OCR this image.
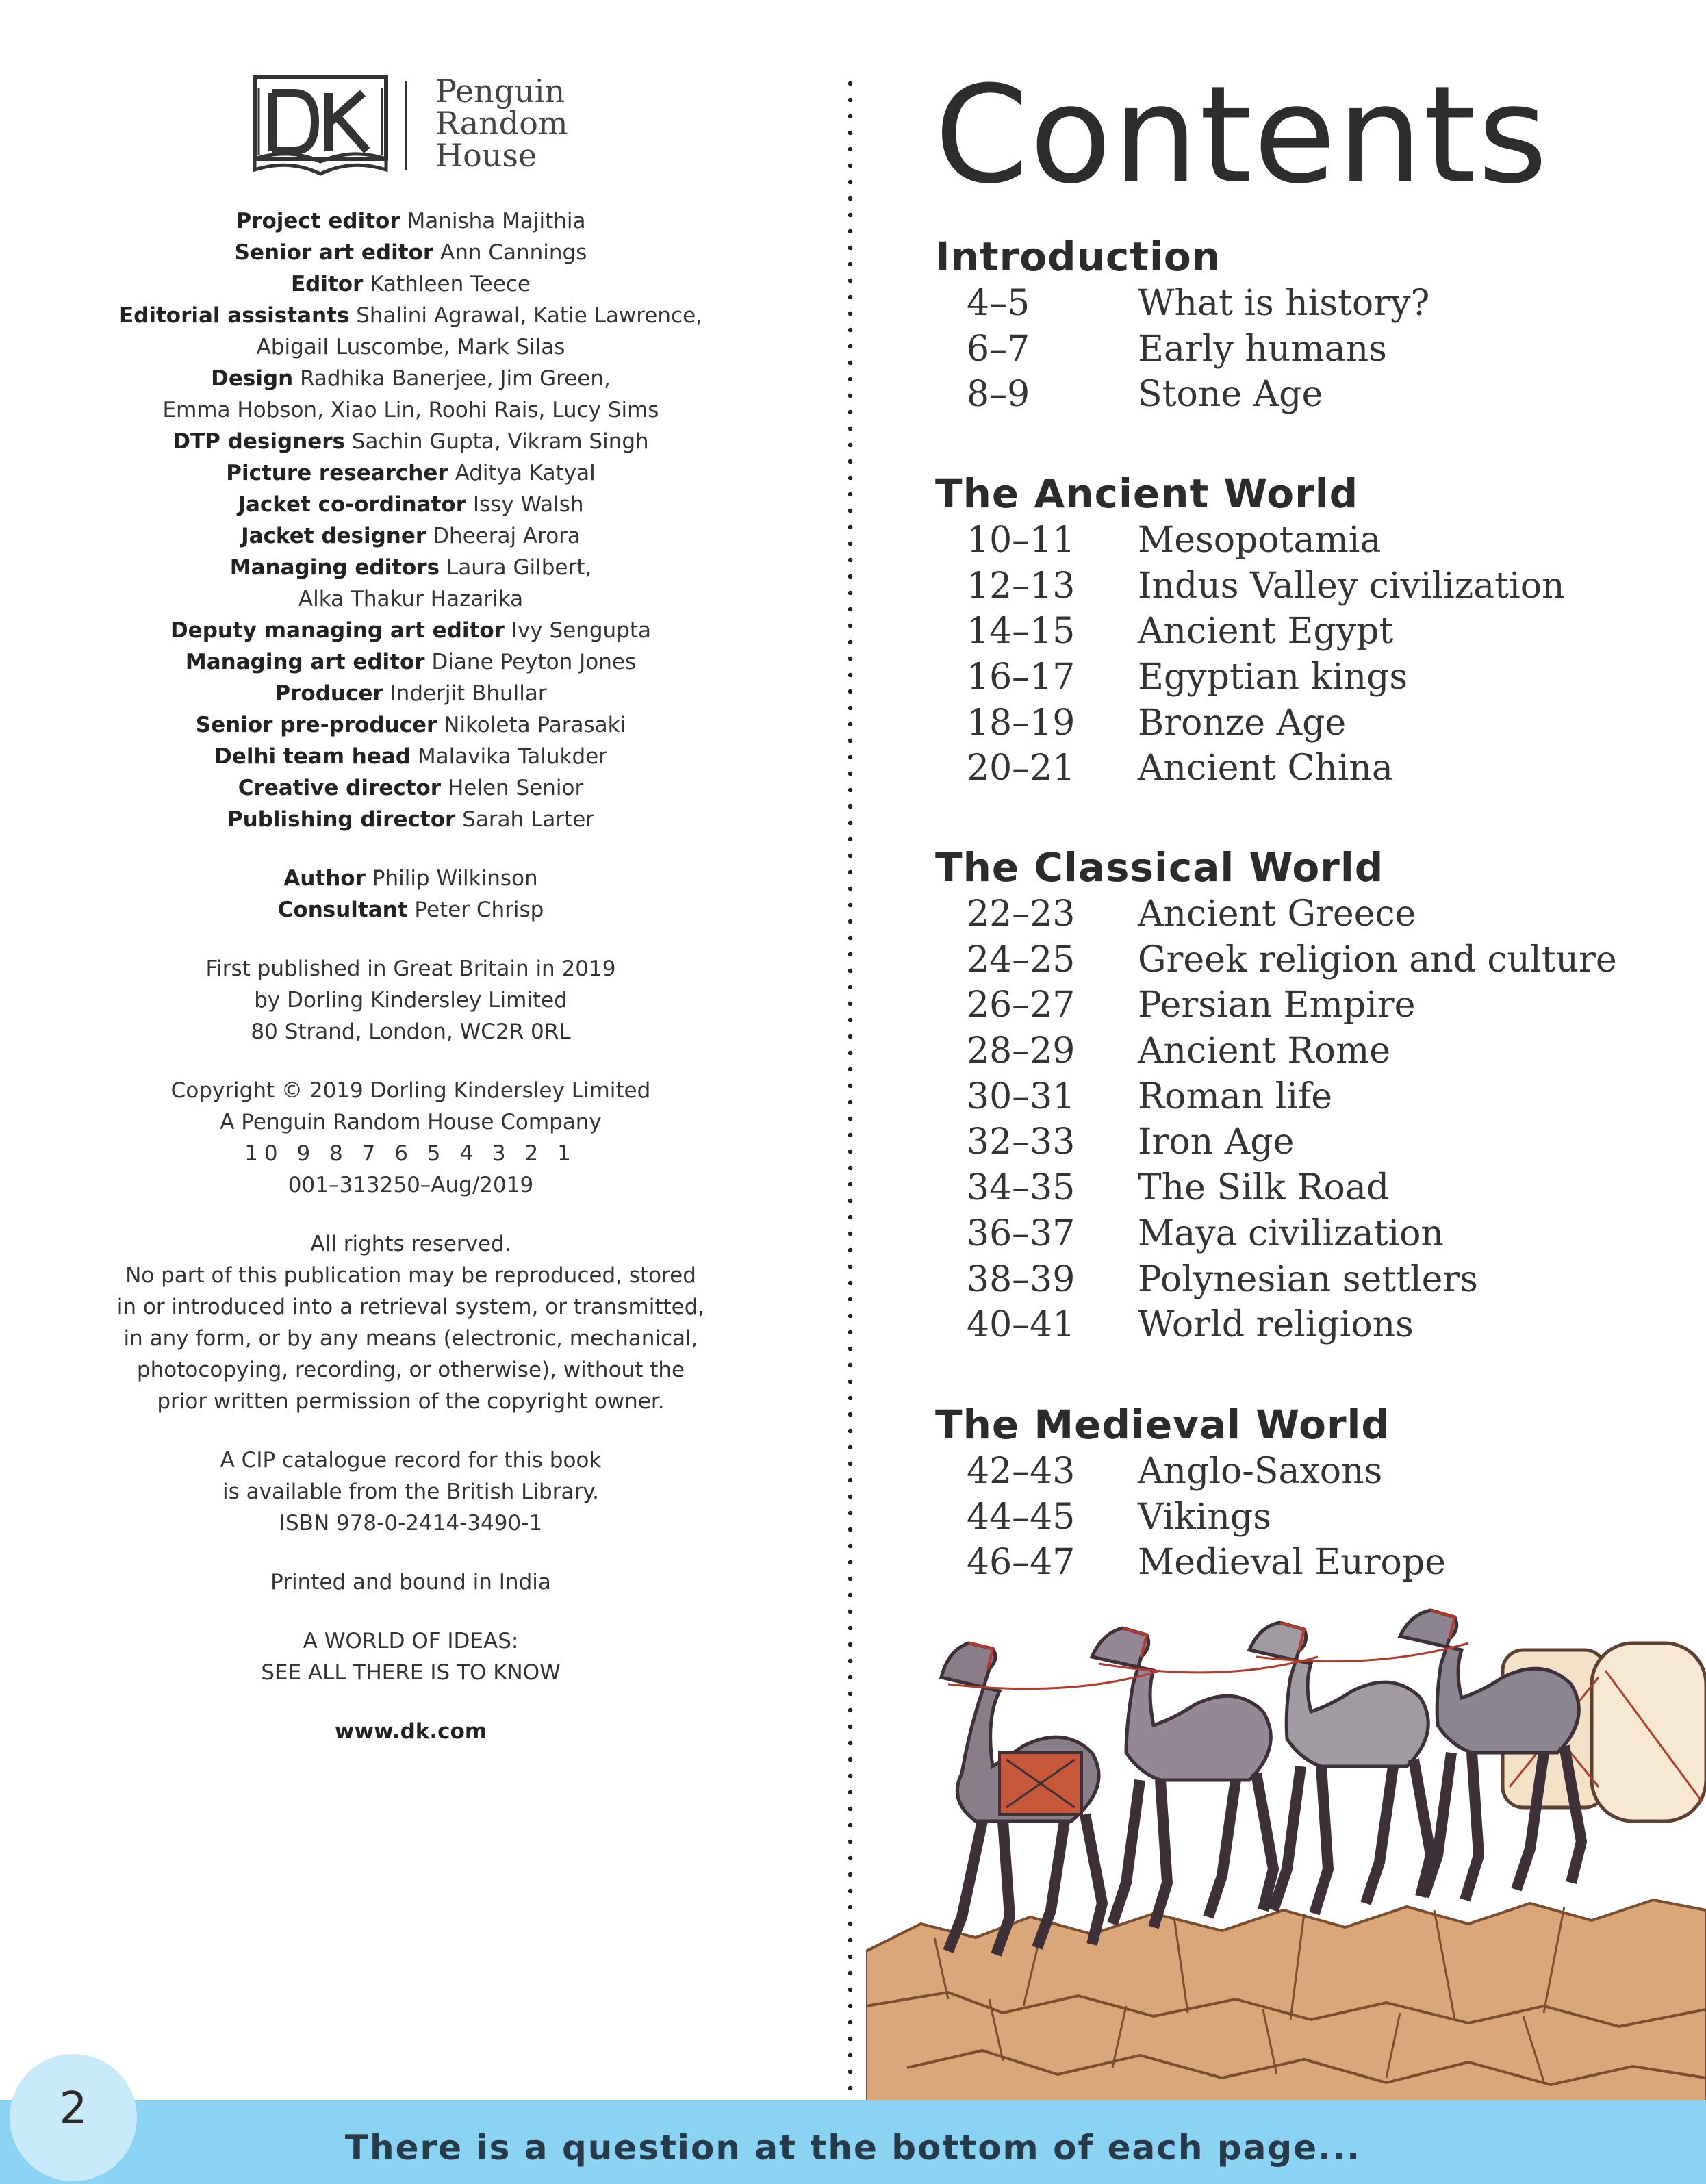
Penguin
Random
House
Project editor Manisha Majithia
Senior art editor Ann Cannings
Editor Kathleen Teece
Editorial assistants Shalini Agrawal, Katie Lawrence,
Abigail Luscombe, Mark Silas
Design Radhika Banerjee, Jim Green,
Emma Hobson, Xiao Lin, Roohi Rais, Lucy Sims
DTP designers Sachin Gupta, Vikram Singh
Picture researcher Aditya Katyal
Jacket co-ordinator Issy Walsh
Jacket designer Dheeraj Arora
Managing editors Laura Gilbert,
Alka Thakur Hazarika
Deputy managing art editor Ivy Sengupta
Managing art editor Diane Peyton Jones
Producer Inderjit Bhullar
Senior pre-producer Nikoleta Parasaki
Delhi team head Malavika Talukder
Creative director Helen Senior
Publishing director Sarah Larter
Author Philip Wilkinson
Consultant Peter Chrisp
First published in Great Britain in 2019
by Dorling Kindersley Limited
80 Strand, London, WC2R 0RL
Copyright © 2019 Dorling Kindersley Limited
A Penguin Random House Company
10 9 8 7 6 5 4 3 2 1
001–313250–Aug/2019
All rights reserved.
No part of this publication may be reproduced, stored
in or introduced into a retrieval system, or transmitted,
in any form, or by any means (electronic, mechanical,
photocopying, recording, or otherwise), without the
prior written permission of the copyright owner.
A CIP catalogue record for this book
is available from the British Library.
ISBN 978-0-2414-3490-1
Printed and bound in India
A WORLD OF IDEAS:
SEE ALL THERE IS TO KNOW
www.dk.com
Contents
Introduction
4–5	What is history?
6–7	Early humans
8–9	Stone Age
The Ancient World
10–11 Mesopotamia
12–13 Indus Valley civilization
14–15 Ancient Egypt
16–17 Egyptian kings
18–19 Bronze Age
20–21 Ancient China
The Classical World
22–23 Ancient Greece
24–25 Greek religion and culture
26–27 Persian Empire
28–29 Ancient Rome
30–31 Roman life
32–33 Iron Age
34–35 The Silk Road
36–37 Maya civilization
38–39 Polynesian settlers
40–41 World religions
The Medieval World
42–43 Anglo-Saxons
44–45 Vikings
46–47 Medieval Europe
2
There is a question at the bottom of each page...
